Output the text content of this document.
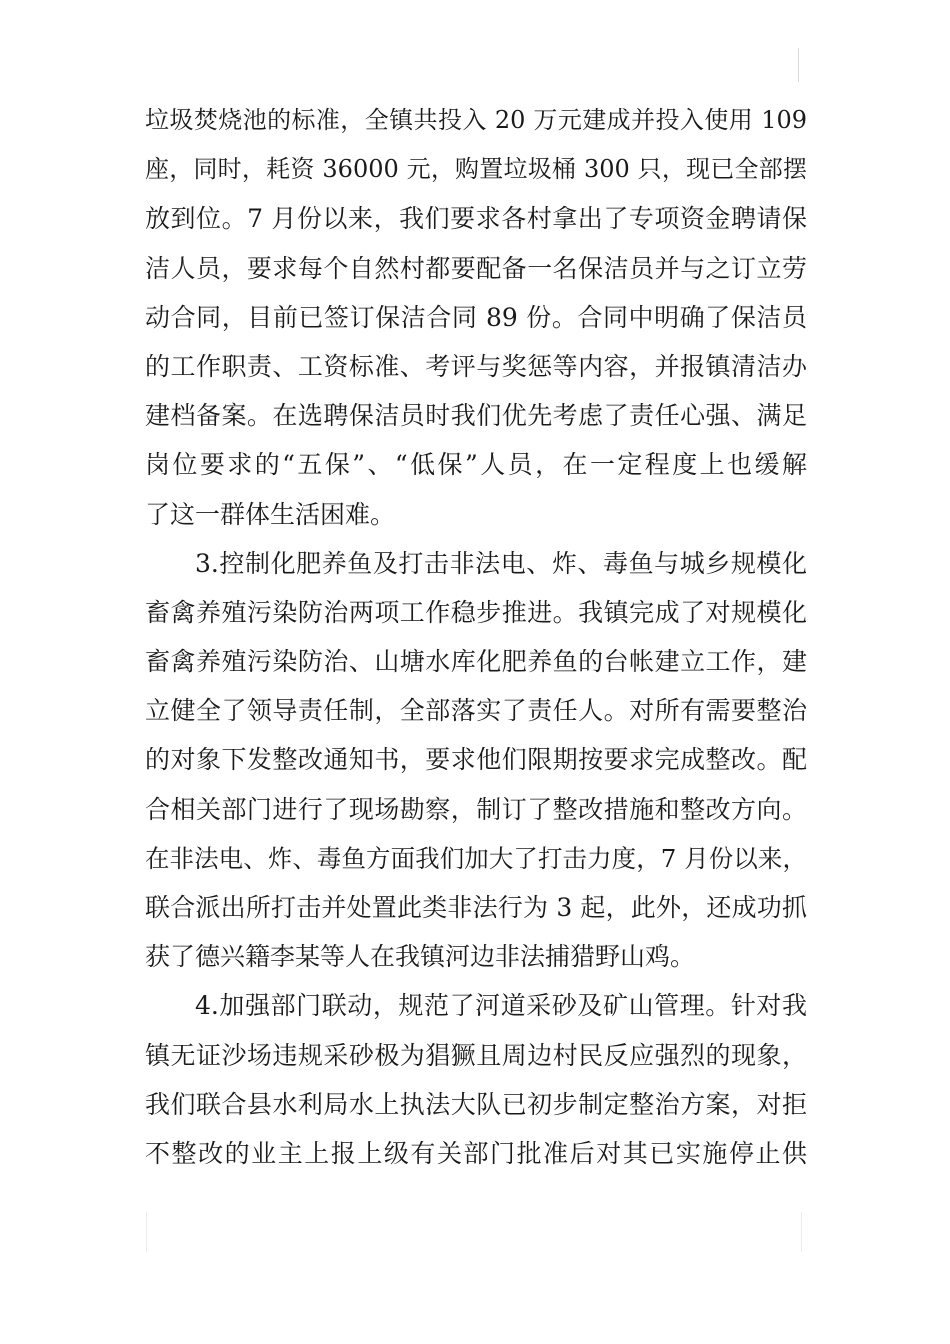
垃圾焚烧池的标准，全镇共投入 20 万元建成并投入使用 109
座，同时，耗资 36000 元，购置垃圾桶 300 只，现已全部摆
放到位。7 月份以来，我们要求各村拿出了专项资金聘请保
洁人员，要求每个自然村都要配备一名保洁员并与之订立劳
动合同，目前已签订保洁合同 89 份。合同中明确了保洁员
的工作职责、工资标准、考评与奖惩等内容，并报镇清洁办
建档备案。在选聘保洁员时我们优先考虑了责任心强、满足
岗位要求的“五保”、“低保”人员，在一定程度上也缓解
了这一群体生活困难。
3.控制化肥养鱼及打击非法电、炸、毒鱼与城乡规模化
畜禽养殖污染防治两项工作稳步推进。我镇完成了对规模化
畜禽养殖污染防治、山塘水库化肥养鱼的台帐建立工作，建
立健全了领导责任制，全部落实了责任人。对所有需要整治
的对象下发整改通知书，要求他们限期按要求完成整改。配
合相关部门进行了现场勘察，制订了整改措施和整改方向。
在非法电、炸、毒鱼方面我们加大了打击力度，7 月份以来，
联合派出所打击并处置此类非法行为 3 起，此外，还成功抓
获了德兴籍李某等人在我镇河边非法捕猎野山鸡。
4.加强部门联动，规范了河道采砂及矿山管理。针对我
镇无证沙场违规采砂极为猖獗且周边村民反应强烈的现象，
我们联合县水利局水上执法大队已初步制定整治方案，对拒
不整改的业主上报上级有关部门批准后对其已实施停止供
